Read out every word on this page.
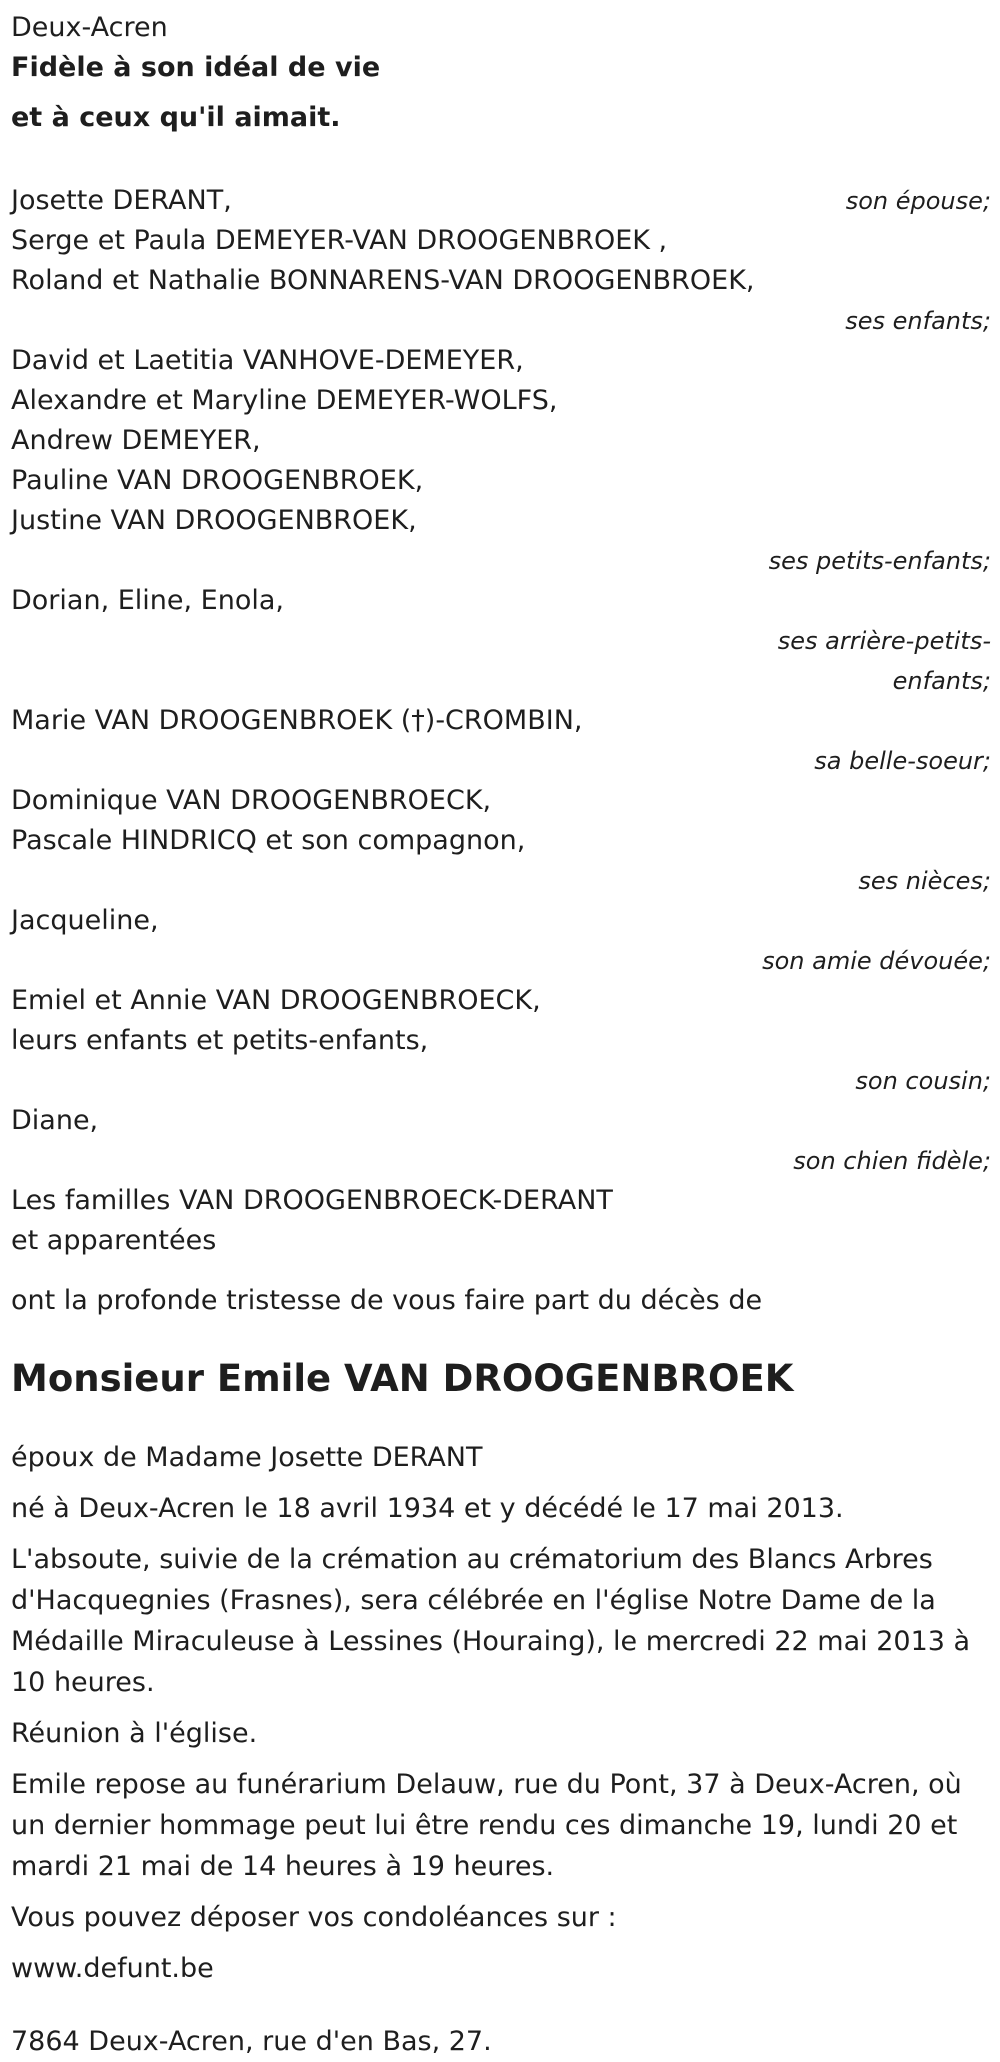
Deux-Acren
Fidèle à son idéal de vie
et à ceux qu'il aimait.
Josette DERANT,	son épouse;
Serge et Paula DEMEYER-VAN DROOGENBROEK ,
Roland et Nathalie BONNARENS-VAN DROOGENBROEK,
ses enfants;
David et Laetitia VANHOVE-DEMEYER,
Alexandre et Maryline DEMEYER-WOLFS,
Andrew DEMEYER,
Pauline VAN DROOGENBROEK,
Justine VAN DROOGENBROEK,
ses petits-enfants;
Dorian, Eline, Enola,
ses arrière-petits-
enfants;
Marie VAN DROOGENBROEK (†)-CROMBIN,
sa belle-soeur;
Dominique VAN DROOGENBROECK,
Pascale HINDRICQ et son compagnon,
ses nièces;
Jacqueline,
son amie dévouée;
Emiel et Annie VAN DROOGENBROECK,
leurs enfants et petits-enfants,
son cousin;
Diane,
son chien fidèle;
Les familles VAN DROOGENBROECK-DERANT
et apparentées
ont la profonde tristesse de vous faire part du décès de
Monsieur Emile VAN DROOGENBROEK
époux de Madame Josette DERANT
né à Deux-Acren le 18 avril 1934 et y décédé le 17 mai 2013.
L'absoute, suivie de la crémation au crématorium des Blancs Arbres d'Hacquegnies (Frasnes), sera célébrée en l'église Notre Dame de la Médaille Miraculeuse à Lessines (Houraing), le mercredi 22 mai 2013 à 10 heures.
Réunion à l'église.
Emile repose au funérarium Delauw, rue du Pont, 37 à Deux-Acren, où un dernier hommage peut lui être rendu ces dimanche 19, lundi 20 et mardi 21 mai de 14 heures à 19 heures.
Vous pouvez déposer vos condoléances sur :
www.defunt.be
7864 Deux-Acren, rue d'en Bas, 27.
